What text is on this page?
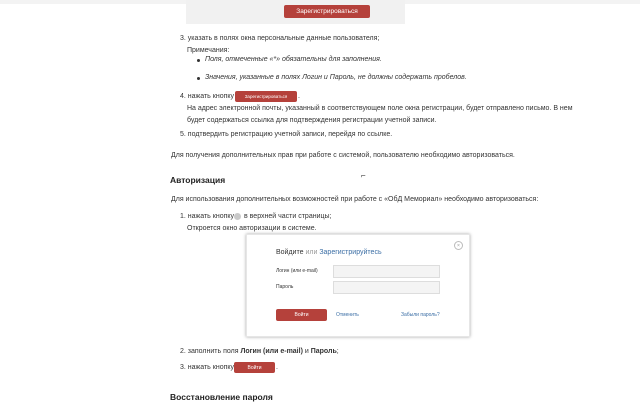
Зарегистрироваться
3. указать в полях окна персональные данные пользователя;
Примечания:
Поля, отмеченные «*» обязательны для заполнения.
Значения, указанные в полях Логин и Пароль, не должны содержать пробелов.
4. нажать кнопку	Зарегистрироваться	.
На адрес электронной почты, указанный в соответствующем поле окна регистрации, будет отправлено письмо. В нем
будет содержаться ссылка для подтверждения регистрации учетной записи.
5. подтвердить регистрацию учетной записи, перейдя по ссылке.
Для получения дополнительных прав при работе с системой, пользователю необходимо авторизоваться.
⌐
Авторизация
Для использования дополнительных возможностей при работе с «ОбД Мемориал» необходимо авторизоваться:
1. нажать кнопку в верхней части страницы;
Откроется окно авторизации в системе.
×
Войдите или Зарегистрируйтесь
Логин (или e-mail)
Пароль
Войти	Отменить	Забыли пароль?
2. заполнить поля Логин (или e-mail) и Пароль;
3. нажать кнопку	Войти	.
Восстановление пароля
